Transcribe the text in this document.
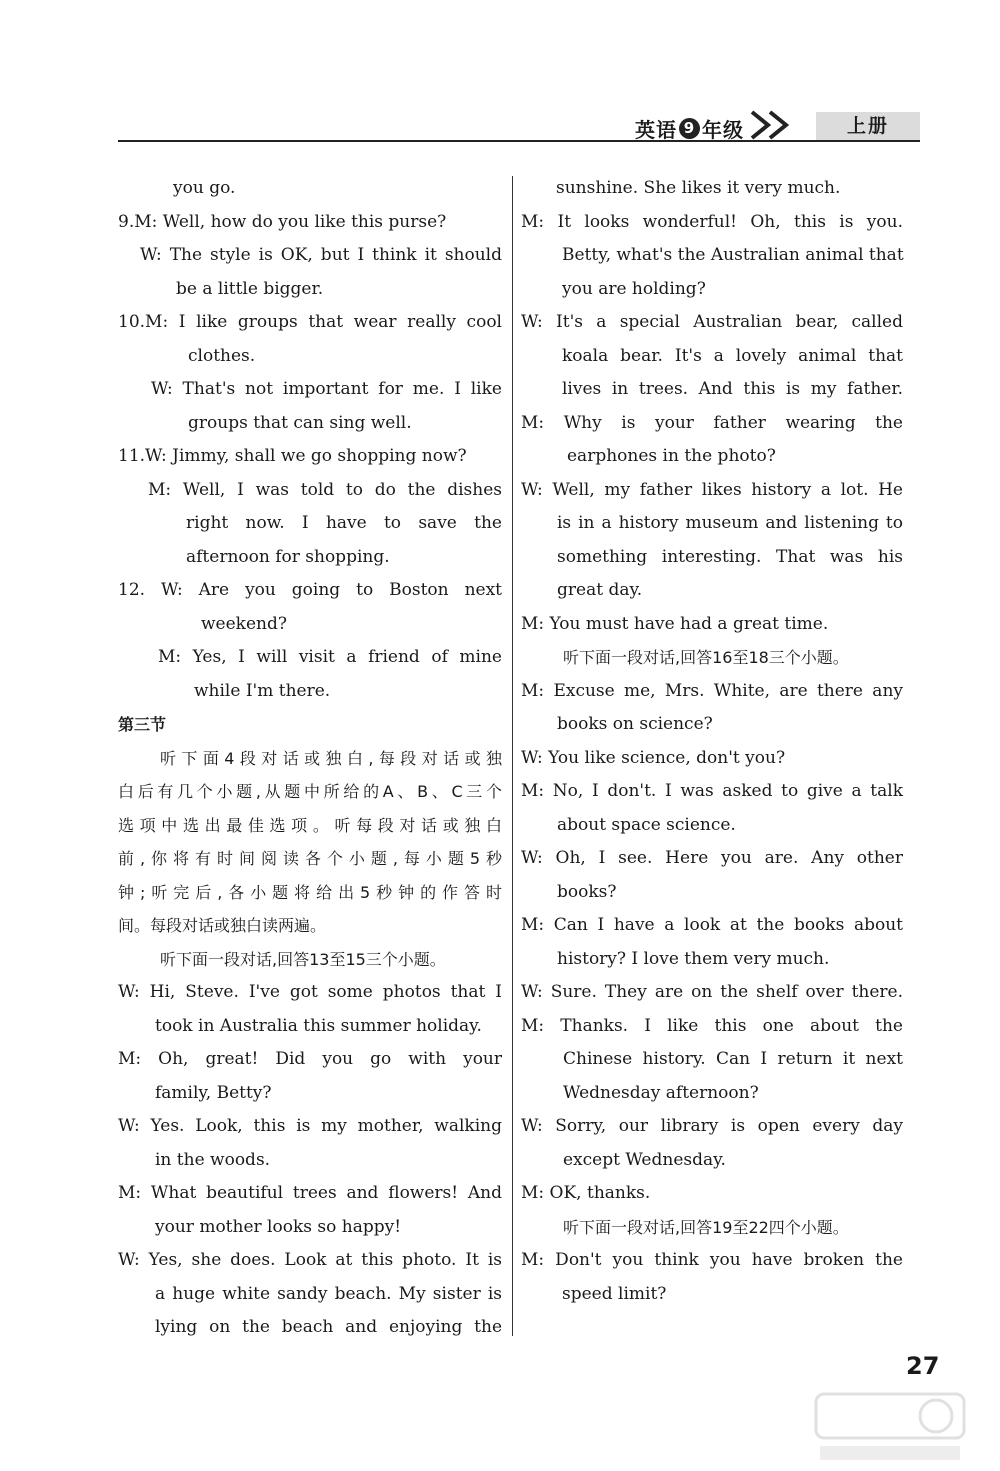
英语 9 年级	上册
you go.
9.M: Well, how do you like this purse?
W: The style is OK, but I think it should
be a little bigger.
10.M: I like groups that wear really cool
clothes.
W: That's not important for me. I like
groups that can sing well.
11.W: Jimmy, shall we go shopping now?
M: Well, I was told to do the dishes
right now. I have to save the
afternoon for shopping.
12. W: Are you going to Boston next
weekend?
M: Yes, I will visit a friend of mine
while I'm there.
第三节
听下面4段对话或独白,每段对话或独
白后有几个小题,从题中所给的A、B、C三个
选项中选出最佳选项。听每段对话或独白
前,你将有时间阅读各个小题,每小题5秒
钟;听完后,各小题将给出5秒钟的作答时
间。每段对话或独白读两遍。
听下面一段对话,回答13至15三个小题。
W: Hi, Steve. I've got some photos that I
took in Australia this summer holiday.
M: Oh, great! Did you go with your
family, Betty?
W: Yes. Look, this is my mother, walking
in the woods.
M: What beautiful trees and flowers! And
your mother looks so happy!
W: Yes, she does. Look at this photo. It is
a huge white sandy beach. My sister is
lying on the beach and enjoying the
sunshine. She likes it very much.
M: It looks wonderful! Oh, this is you.
Betty, what's the Australian animal that
you are holding?
W: It's a special Australian bear, called
koala bear. It's a lovely animal that
lives in trees. And this is my father.
M: Why is your father wearing the
earphones in the photo?
W: Well, my father likes history a lot. He
is in a history museum and listening to
something interesting. That was his
great day.
M: You must have had a great time.
听下面一段对话,回答16至18三个小题。
M: Excuse me, Mrs. White, are there any
books on science?
W: You like science, don't you?
M: No, I don't. I was asked to give a talk
about space science.
W: Oh, I see. Here you are. Any other
books?
M: Can I have a look at the books about
history? I love them very much.
W: Sure. They are on the shelf over there.
M: Thanks. I like this one about the
Chinese history. Can I return it next
Wednesday afternoon?
W: Sorry, our library is open every day
except Wednesday.
M: OK, thanks.
听下面一段对话,回答19至22四个小题。
M: Don't you think you have broken the
speed limit?
27
